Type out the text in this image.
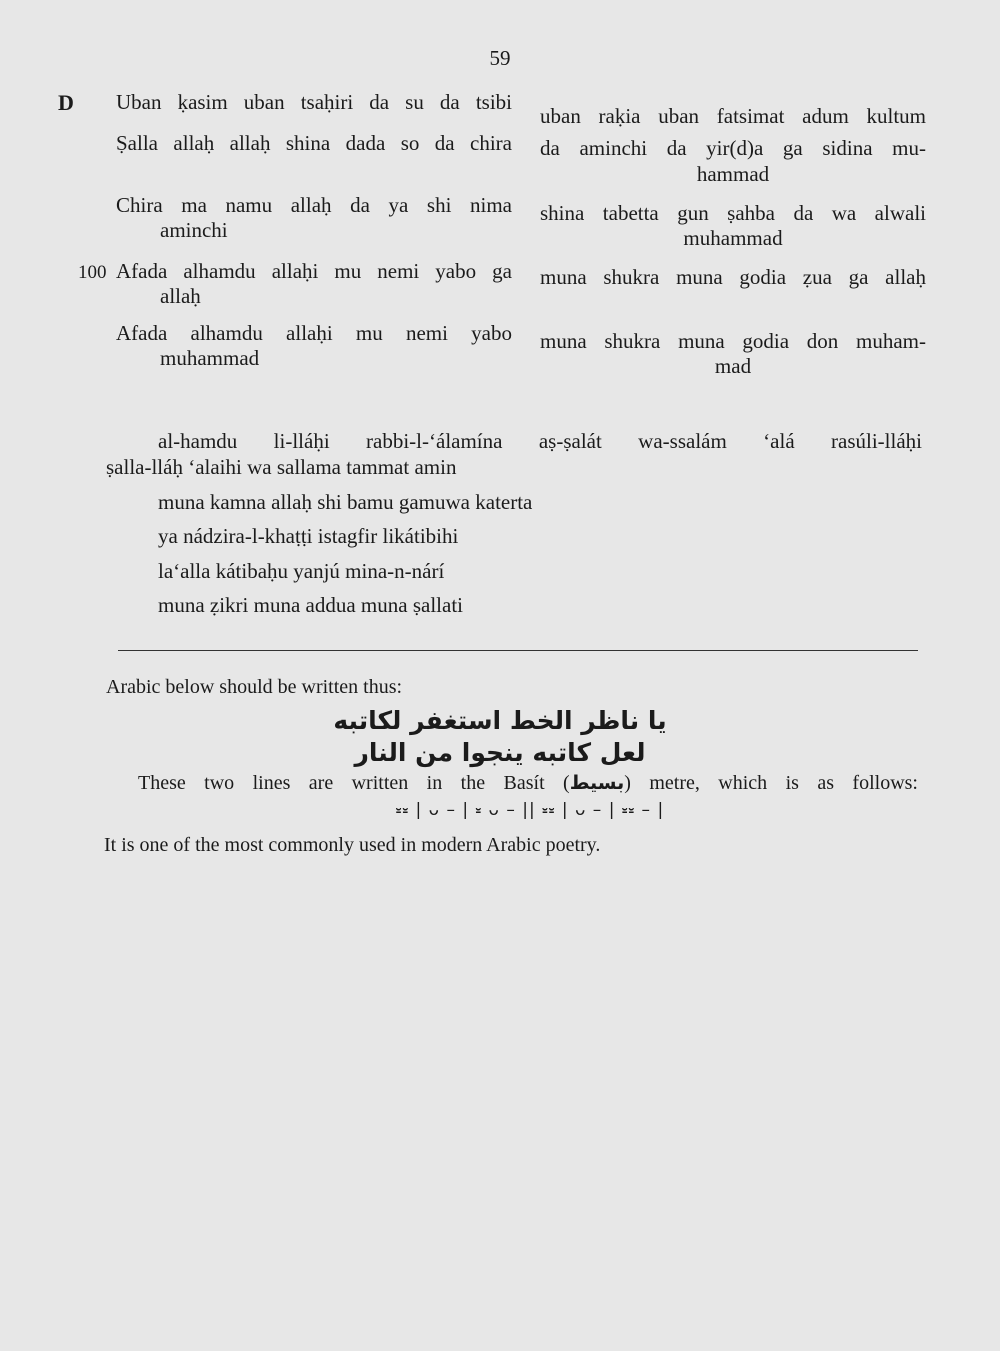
59
D Uban ḳasim uban tsaḥiri da su da tsibi
uban raḳia uban fatsimat adum kultum
Ṣalla allaḥ allaḥ shina dada so da chira da aminchi da yir(d)a ga sidina mu-
hammad
Chira ma namu allaḥ da ya shi nima
aminchi
shina tabetta gun ṣahba da wa alwali
muhammad
100 Afada alhamdu allaḥi mu nemi yabo ga
allaḥ
muna shukra muna godia ẓua ga allaḥ
Afada alhamdu allaḥi mu nemi yabo
muhammad
muna shukra muna godia don muham-
mad
al-hamdu li-lláḥi rabbi-l-‘álamína aṣ-ṣalát wa-ssalám ‘alá rasúli-lláḥi
ṣalla-lláḥ ‘alaihi wa sallama tammat amin
muna kamna allaḥ shi bamu gamuwa katerta
ya nádzira-l-khaṭṭi istagfir likátibihi
la‘alla kátibaḥu yanjú mina-n-nárí
muna ẓikri muna addua muna ṣallati
Arabic below should be written thus:
يا ناظر الخط استغفر لكاتبه
لعل كاتبه ينجوا من النار
These two lines are written in the Basít (بسيط) metre, which is as follows:
⏓⏓ | ᴗ – | ⏓ ᴗ – || ⏓⏓ | ᴗ – | ⏓⏓ – |
It is one of the most commonly used in modern Arabic poetry.
